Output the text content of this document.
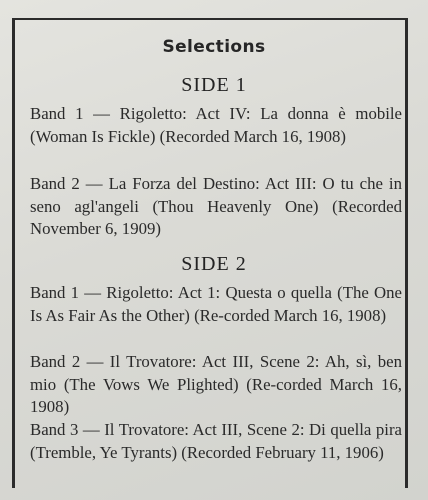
Selections
SIDE 1
Band 1 — Rigoletto: Act IV: La donna è mobile (Woman Is Fickle) (Recorded March 16, 1908)
Band 2 — La Forza del Destino: Act III: O tu che in seno agl'angeli (Thou Heavenly One) (Recorded November 6, 1909)
SIDE 2
Band 1 — Rigoletto: Act 1: Questa o quella (The One Is As Fair As the Other) (Re-corded March 16, 1908)
Band 2 — Il Trovatore: Act III, Scene 2: Ah, sì, ben mio (The Vows We Plighted) (Re-corded March 16, 1908)
Band 3 — Il Trovatore: Act III, Scene 2: Di quella pira (Tremble, Ye Tyrants) (Recorded February 11, 1906)
